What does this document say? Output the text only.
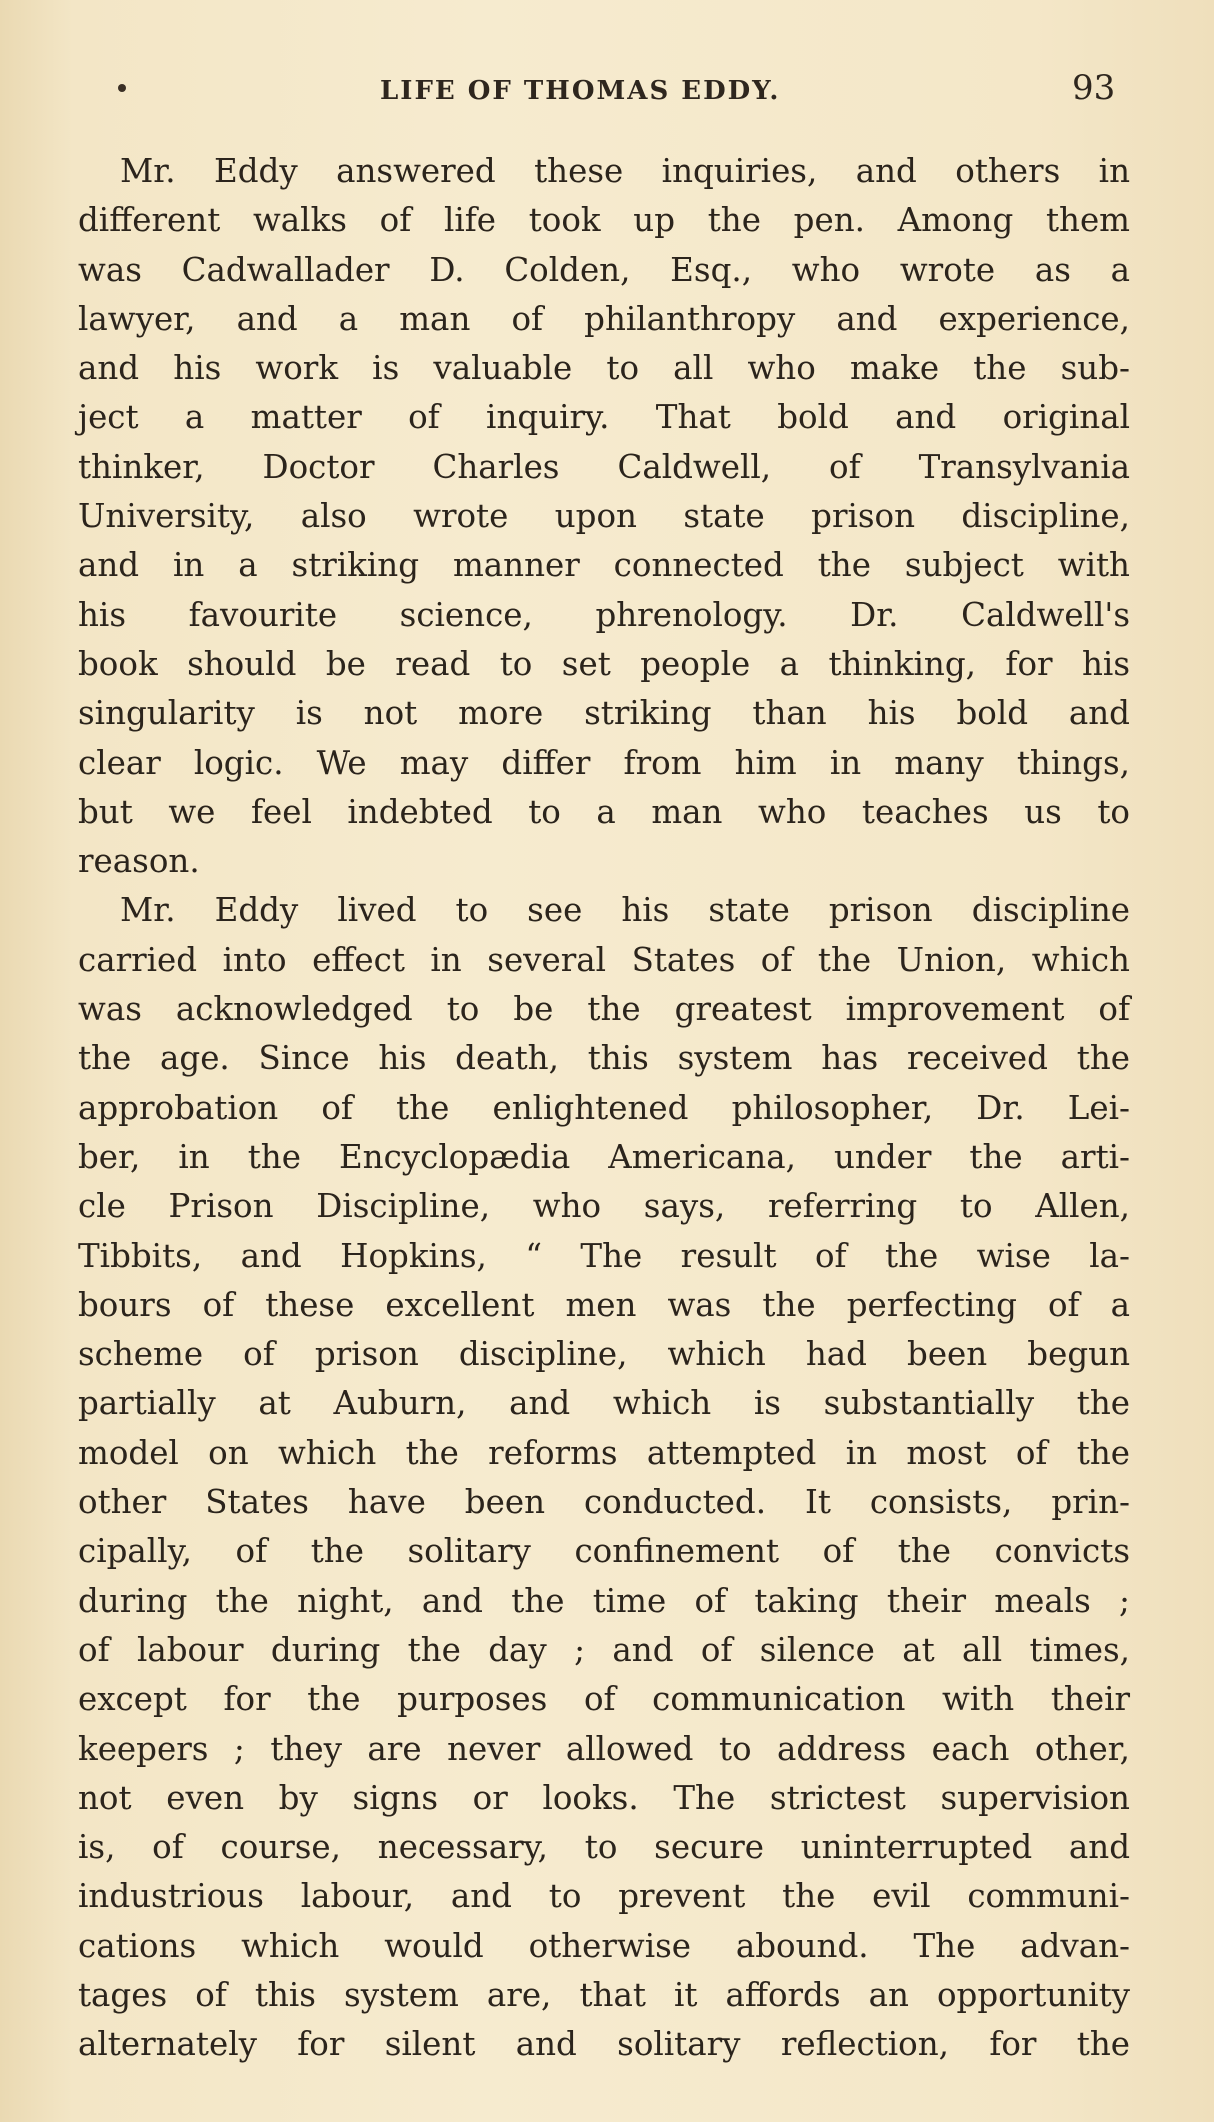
LIFE OF THOMAS EDDY.	93
Mr. Eddy answered these inquiries, and others in
different walks of life took up the pen. Among them
was Cadwallader D. Colden, Esq., who wrote as a
lawyer, and a man of philanthropy and experience,
and his work is valuable to all who make the sub-
ject a matter of inquiry. That bold and original
thinker, Doctor Charles Caldwell, of Transylvania
University, also wrote upon state prison discipline,
and in a striking manner connected the subject with
his favourite science, phrenology. Dr. Caldwell's
book should be read to set people a thinking, for his
singularity is not more striking than his bold and
clear logic. We may differ from him in many things,
but we feel indebted to a man who teaches us to
reason.
Mr. Eddy lived to see his state prison discipline
carried into effect in several States of the Union, which
was acknowledged to be the greatest improvement of
the age. Since his death, this system has received the
approbation of the enlightened philosopher, Dr. Lei-
ber, in the Encyclopædia Americana, under the arti-
cle Prison Discipline, who says, referring to Allen,
Tibbits, and Hopkins, “ The result of the wise la-
bours of these excellent men was the perfecting of a
scheme of prison discipline, which had been begun
partially at Auburn, and which is substantially the
model on which the reforms attempted in most of the
other States have been conducted. It consists, prin-
cipally, of the solitary confinement of the convicts
during the night, and the time of taking their meals ;
of labour during the day ; and of silence at all times,
except for the purposes of communication with their
keepers ; they are never allowed to address each other,
not even by signs or looks. The strictest supervision
is, of course, necessary, to secure uninterrupted and
industrious labour, and to prevent the evil communi-
cations which would otherwise abound. The advan-
tages of this system are, that it affords an opportunity
alternately for silent and solitary reflection, for the
